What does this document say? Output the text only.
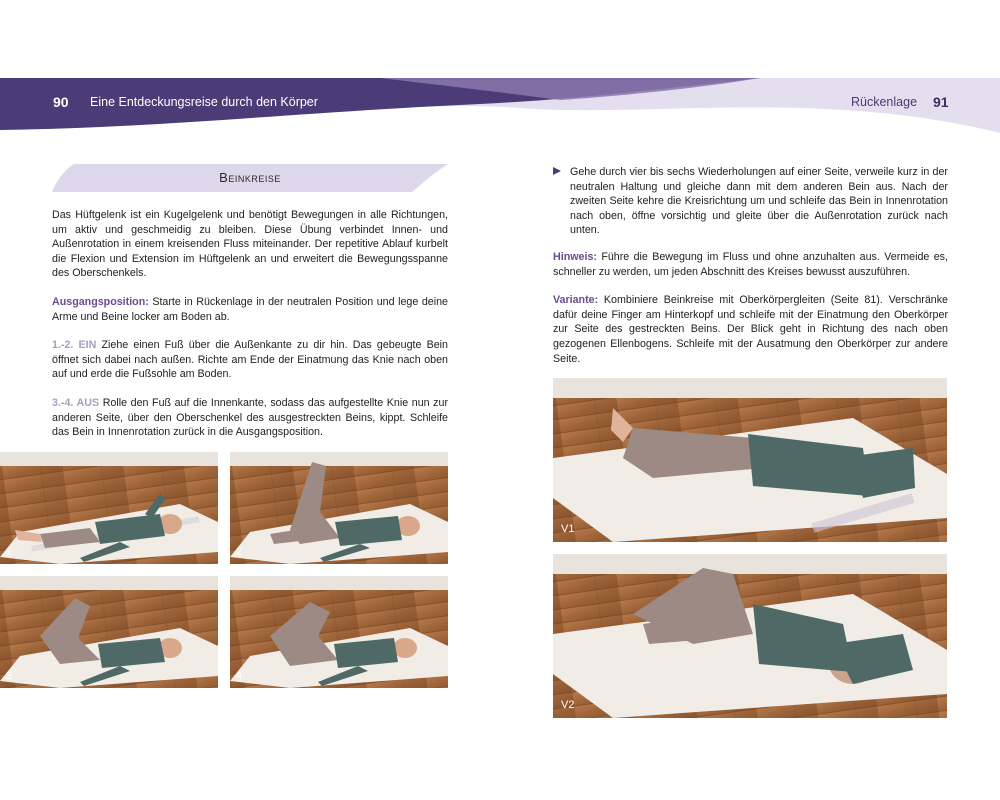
90 Eine Entdeckungsreise durch den Körper	Rückenlage 91
Beinkreise

Das Hüftgelenk ist ein Kugelgelenk und benötigt Bewegungen in alle Richtungen, um aktiv und geschmeidig zu bleiben. Diese Übung verbindet Innen- und Außenrotation in einem kreisenden Fluss miteinander. Der repetitive Ablauf kurbelt die Flexion und Extension im Hüftgelenk an und erweitert die Bewegungsspanne des Oberschenkels.

Ausgangsposition: Starte in Rückenlage in der neutralen Position und lege deine Arme und Beine locker am Boden ab.

1.-2. EIN Ziehe einen Fuß über die Außenkante zu dir hin. Das gebeugte Bein öffnet sich dabei nach außen. Richte am Ende der Einatmung das Knie nach oben auf und erde die Fußsohle am Boden.

3.-4. AUS Rolle den Fuß auf die Innenkante, sodass das aufgestellte Knie nun zur anderen Seite, über den Oberschenkel des ausgestreckten Beins, kippt. Schleife das Bein in Innenrotation zurück in die Ausgangsposition.

Gehe durch vier bis sechs Wiederholungen auf einer Seite, verweile kurz in der neutralen Haltung und gleiche dann mit dem anderen Bein aus. Nach der zweiten Seite kehre die Kreisrichtung um und schleife das Bein in Innenrotation nach oben, öffne vorsichtig und gleite über die Außenrotation zurück nach unten.

Hinweis: Führe die Bewegung im Fluss und ohne anzuhalten aus. Vermeide es, schneller zu werden, um jeden Abschnitt des Kreises bewusst auszuführen.

Variante: Kombiniere Beinkreise mit Oberkörpergleiten (Seite 81). Verschränke dafür deine Finger am Hinterkopf und schleife mit der Einatmung den Oberkörper zur Seite des gestreckten Beins. Der Blick geht in Richtung des nach oben gezogenen Ellenbogens. Schleife mit der Ausatmung den Oberkörper zur andere Seite.

1	2
3	4
V1
V2
